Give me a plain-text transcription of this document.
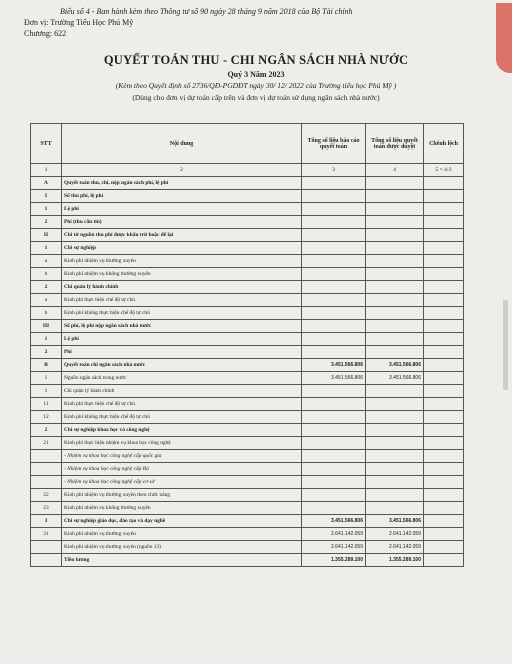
Biểu số 4 - Ban hành kèm theo Thông tư số 90 ngày 28 tháng 9 năm 2018 của Bộ Tài chính
Đơn vị: Trường Tiểu Học Phú Mỹ
Chương: 622
QUYẾT TOÁN THU - CHI NGÂN SÁCH NHÀ NƯỚC
Quý 3 Năm 2023
(Kèm theo Quyết định số 2736/QĐ-PGDĐT ngày 30/ 12/ 2022 của Trường tiểu học Phú Mỹ )
(Dùng cho đơn vị dự toán cấp trên và đơn vị dự toán sử dụng ngân sách nhà nước)
STT	Nội dung	Tổng số liệu báo cáo quyết toán	Tổng số liệu quyết toán được duyệt	Chênh lệch
1	2	3	4	5 = 4-3
A	Quyết toán thu, chi, nộp ngân sách phí, lệ phí			
I	Số thu phí, lệ phí			
1	Lệ phí			
2	Phí (thu căn tin)			
II	Chi từ nguồn thu phí được khấu trừ hoặc để lại			
1	Chi sự nghiệp			
a	Kinh phí nhiệm vụ thường xuyên			
b	Kinh phí nhiệm vụ không thường xuyên			
2	Chi quản lý hành chính			
a	Kinh phí thực hiện chế độ tự chủ			
b	Kinh phí không thực hiện chế độ tự chủ			
III	Số phí, lệ phí nộp ngân sách nhà nước			
1	Lệ phí			
2	Phí			
B	Quyết toán chi ngân sách nhà nước	3.451.566.806	3.451.566.806	
I	Nguồn ngân sách trong nước	3.451.566.806	3.451.566.806	
1	Chi quản lý hành chính			
11	Kinh phí thực hiện chế độ tự chủ			
12	Kinh phí không thực hiện chế độ tự chủ			
2	Chi sự nghiệp khoa học và công nghệ			
21	Kinh phí thực hiện nhiệm vụ khoa học công nghệ			
	- Nhiệm vụ khoa học công nghệ cấp quốc gia			
	- Nhiệm vụ khoa học công nghệ cấp Bộ			
	- Nhiệm vụ khoa học công nghệ cấp cơ sở			
22	Kinh phí nhiệm vụ thường xuyên theo chức năng			
23	Kinh phí nhiệm vụ không thường xuyên			
3	Chi sự nghiệp giáo dục, đào tạo và dạy nghề	3.451.566.806	3.451.566.806	
31	Kinh phí nhiệm vụ thường xuyên	2.641.142.059	2.641.142.059	
	Kinh phí nhiệm vụ thường xuyên (nguồn 13)	2.641.142.059	2.641.142.059	
	Tiền lương	1.355.289.100	1.355.289.100	
